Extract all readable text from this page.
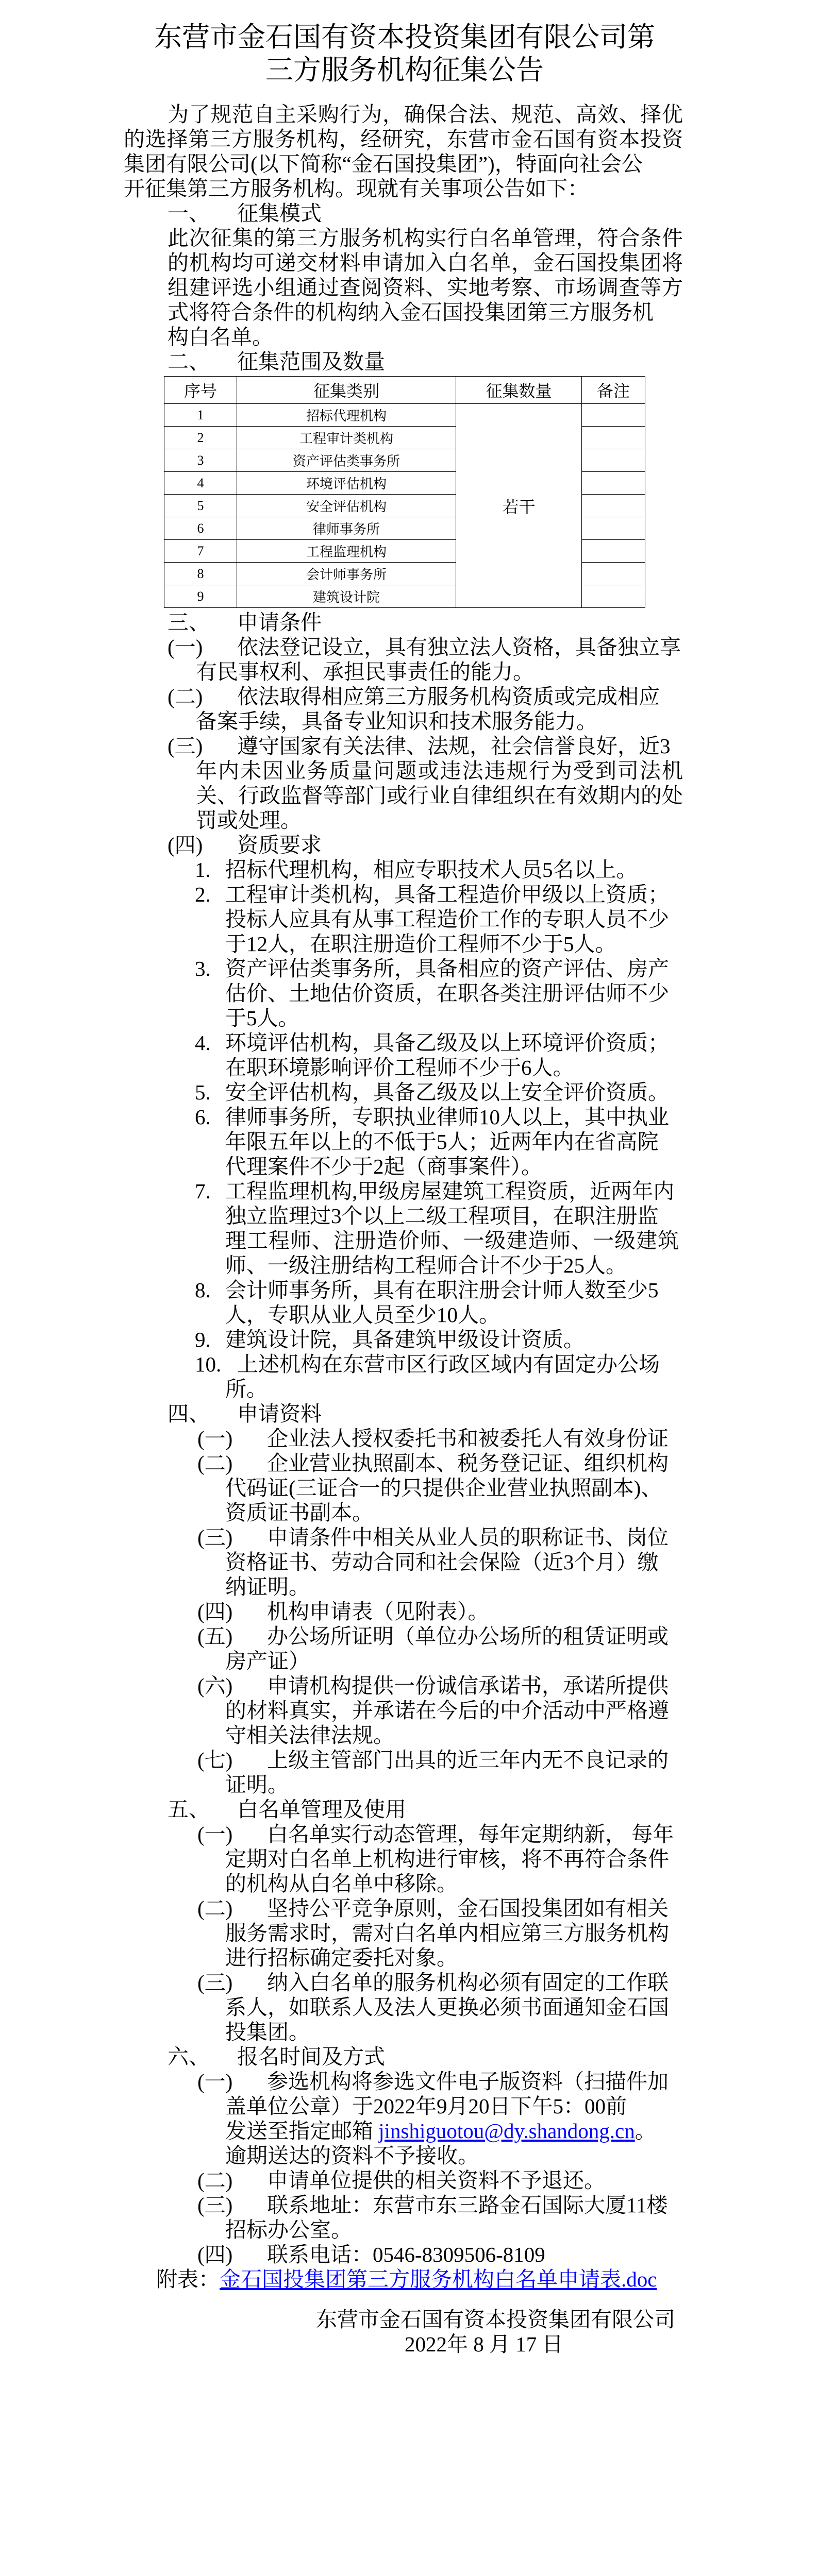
东营市金石国有资本投资集团有限公司第
三方服务机构征集公告
为了规范自主采购行为，确保合法、规范、高效、择优
的选择第三方服务机构，经研究，东营市金石国有资本投资
集团有限公司(以下简称“金石国投集团”)，特面向社会公
开征集第三方服务机构。现就有关事项公告如下：
一、 征集模式
此次征集的第三方服务机构实行白名单管理，符合条件
的机构均可递交材料申请加入白名单，金石国投集团将
组建评选小组通过查阅资料、实地考察、市场调查等方
式将符合条件的机构纳入金石国投集团第三方服务机
构白名单。
二、 征集范围及数量
序号	征集类别	征集数量	备注
1	招标代理机构	若干	
2	工程审计类机构		
3	资产评估类事务所		
4	环境评估机构		
5	安全评估机构		
6	律师事务所		
7	工程监理机构		
8	会计师事务所		
9	建筑设计院		
三、 申请条件
(一) 依法登记设立，具有独立法人资格，具备独立享
有民事权利、承担民事责任的能力。
(二) 依法取得相应第三方服务机构资质或完成相应
备案手续，具备专业知识和技术服务能力。
(三) 遵守国家有关法律、法规，社会信誉良好，近3
年内未因业务质量问题或违法违规行为受到司法机
关、行政监督等部门或行业自律组织在有效期内的处
罚或处理。
(四) 资质要求
1. 招标代理机构，相应专职技术人员5名以上。
2. 工程审计类机构，具备工程造价甲级以上资质；
投标人应具有从事工程造价工作的专职人员不少
于12人，在职注册造价工程师不少于5人。
3. 资产评估类事务所，具备相应的资产评估、房产
估价、土地估价资质，在职各类注册评估师不少
于5人。
4. 环境评估机构，具备乙级及以上环境评价资质；
在职环境影响评价工程师不少于6人。
5. 安全评估机构，具备乙级及以上安全评价资质。
6. 律师事务所，专职执业律师10人以上，其中执业
年限五年以上的不低于5人；近两年内在省高院
代理案件不少于2起（商事案件）。
7. 工程监理机构,甲级房屋建筑工程资质，近两年内
独立监理过3个以上二级工程项目，在职注册监
理工程师、注册造价师、一级建造师、一级建筑
师、一级注册结构工程师合计不少于25人。
8. 会计师事务所，具有在职注册会计师人数至少5
人，专职从业人员至少10人。
9. 建筑设计院，具备建筑甲级设计资质。
10. 上述机构在东营市区行政区域内有固定办公场
所。
四、 申请资料
(一) 企业法人授权委托书和被委托人有效身份证
(二) 企业营业执照副本、税务登记证、组织机构
代码证(三证合一的只提供企业营业执照副本)、
资质证书副本。
(三) 申请条件中相关从业人员的职称证书、岗位
资格证书、劳动合同和社会保险（近3个月）缴
纳证明。
(四) 机构申请表（见附表）。
(五) 办公场所证明（单位办公场所的租赁证明或
房产证）
(六) 申请机构提供一份诚信承诺书，承诺所提供
的材料真实，并承诺在今后的中介活动中严格遵
守相关法律法规。
(七) 上级主管部门出具的近三年内无不良记录的
证明。
五、 白名单管理及使用
(一) 白名单实行动态管理，每年定期纳新， 每年
定期对白名单上机构进行审核，将不再符合条件
的机构从白名单中移除。
(二) 坚持公平竞争原则，金石国投集团如有相关
服务需求时，需对白名单内相应第三方服务机构
进行招标确定委托对象。
(三) 纳入白名单的服务机构必须有固定的工作联
系人，如联系人及法人更换必须书面通知金石国
投集团。
六、 报名时间及方式
(一) 参选机构将参选文件电子版资料（扫描件加
盖单位公章）于2022年9月20日下午5：00前
发送至指定邮箱 jinshiguotou@dy.shandong.cn。
逾期送达的资料不予接收。
(二) 申请单位提供的相关资料不予退还。
(三) 联系地址：东营市东三路金石国际大厦11楼
招标办公室。
(四) 联系电话：0546-8309506-8109
附表：金石国投集团第三方服务机构白名单申请表.doc
东营市金石国有资本投资集团有限公司
2022年 8 月 17 日
